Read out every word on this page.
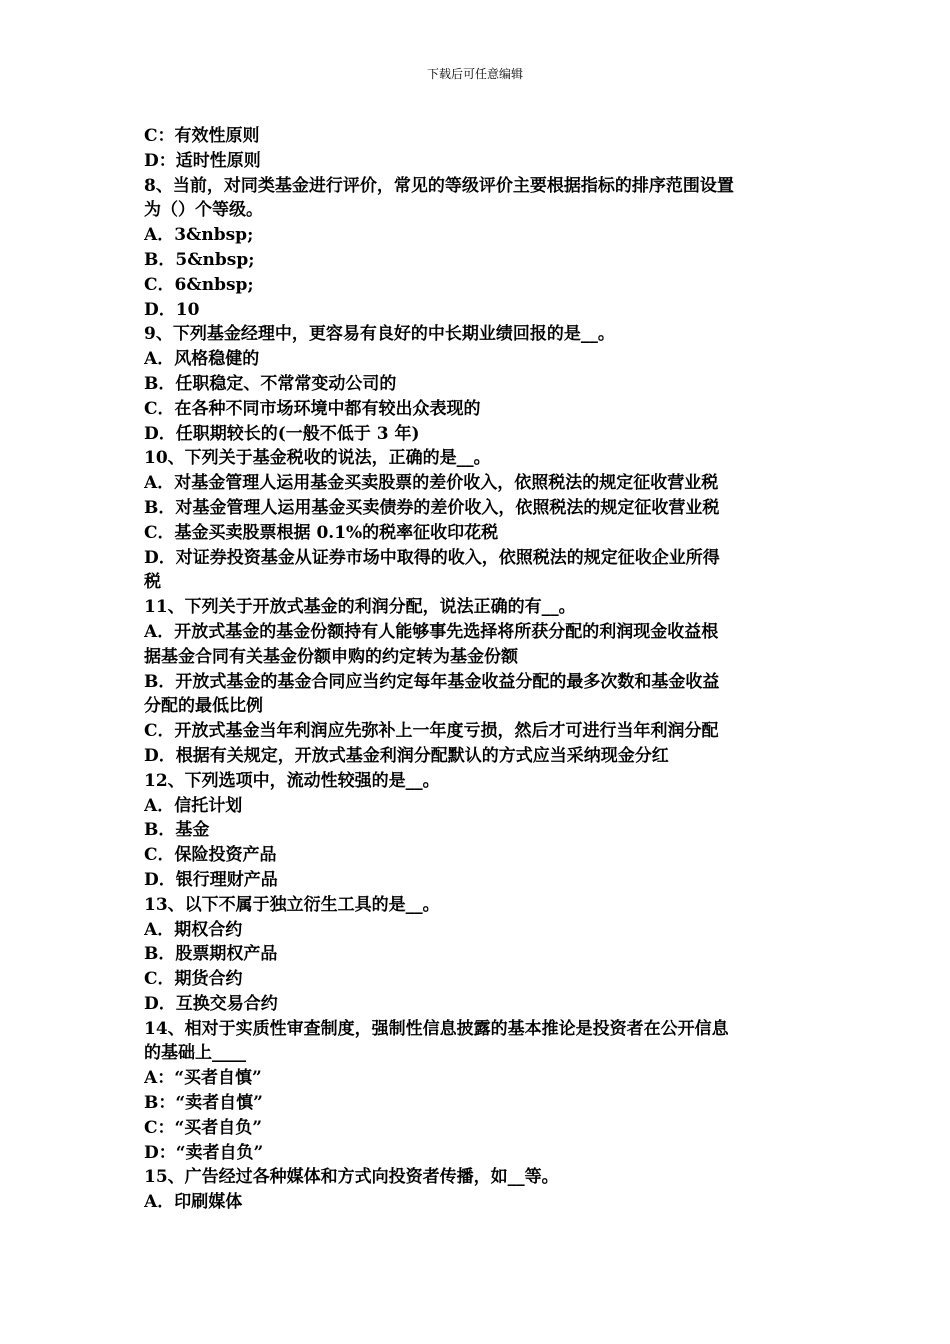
下载后可任意编辑
C：有效性原则
D：适时性原则
8、当前，对同类基金进行评价，常见的等级评价主要根据指标的排序范围设置
为（）个等级。
A．3&nbsp;
B．5&nbsp;
C．6&nbsp;
D．10
9、下列基金经理中，更容易有良好的中长期业绩回报的是__。
A．风格稳健的
B．任职稳定、不常常变动公司的
C．在各种不同市场环境中都有较出众表现的
D．任职期较长的(一般不低于 3 年)
10、下列关于基金税收的说法，正确的是__。
A．对基金管理人运用基金买卖股票的差价收入，依照税法的规定征收营业税
B．对基金管理人运用基金买卖债券的差价收入，依照税法的规定征收营业税
C．基金买卖股票根据 0.1%的税率征收印花税
D．对证券投资基金从证券市场中取得的收入，依照税法的规定征收企业所得
税
11、下列关于开放式基金的利润分配，说法正确的有__。
A．开放式基金的基金份额持有人能够事先选择将所获分配的利润现金收益根
据基金合同有关基金份额申购的约定转为基金份额
B．开放式基金的基金合同应当约定每年基金收益分配的最多次数和基金收益
分配的最低比例
C．开放式基金当年利润应先弥补上一年度亏损，然后才可进行当年利润分配
D．根据有关规定，开放式基金利润分配默认的方式应当采纳现金分红
12、下列选项中，流动性较强的是__。
A．信托计划
B．基金
C．保险投资产品
D．银行理财产品
13、以下不属于独立衍生工具的是__。
A．期权合约
B．股票期权产品
C．期货合约
D．互换交易合约
14、相对于实质性审查制度，强制性信息披露的基本推论是投资者在公开信息
的基础上____
A：“买者自慎”
B：“卖者自慎”
C：“买者自负”
D：“卖者自负”
15、广告经过各种媒体和方式向投资者传播，如__等。
A．印刷媒体
